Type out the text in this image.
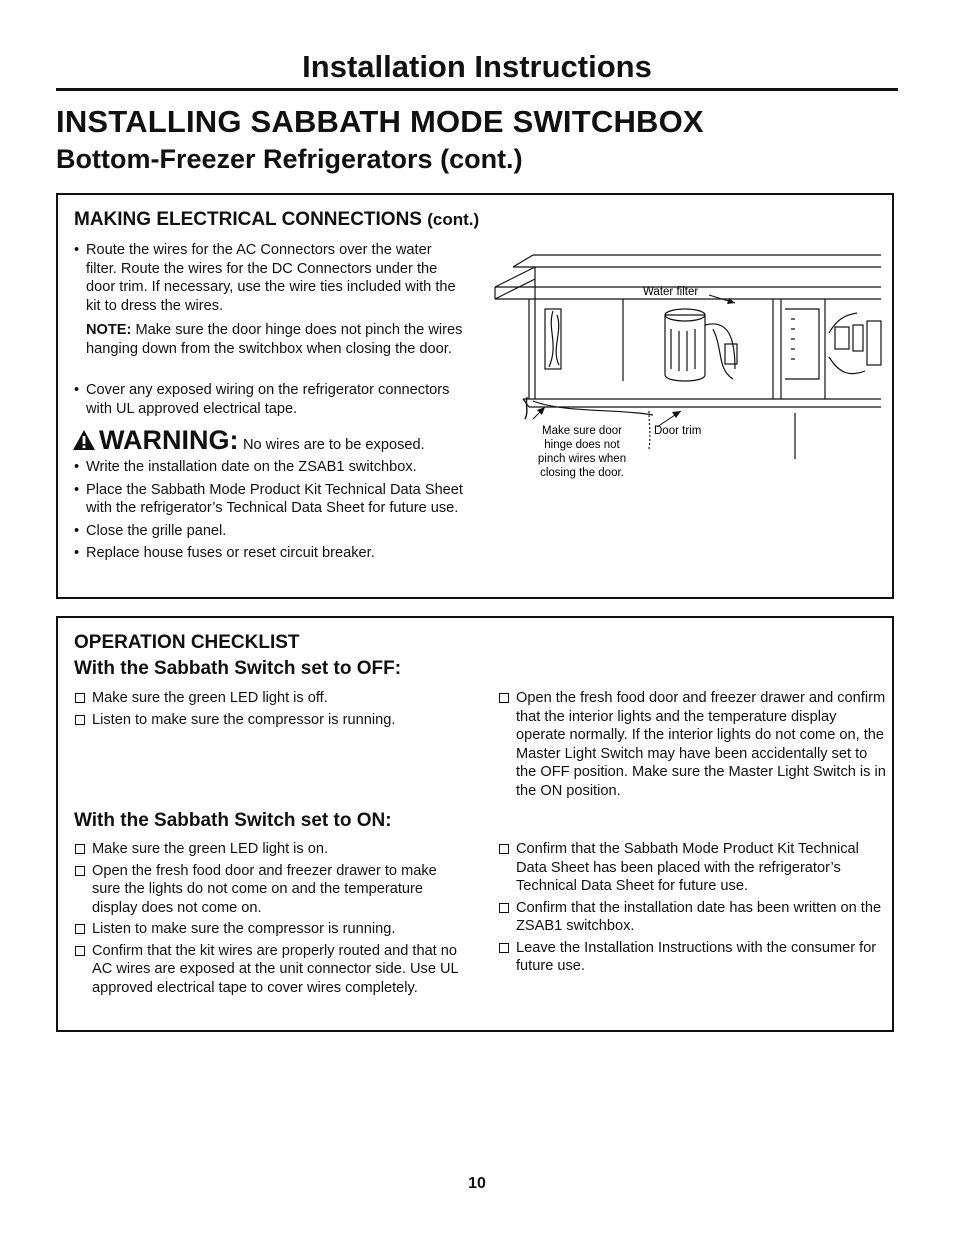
Installation Instructions
INSTALLING SABBATH MODE SWITCHBOX
Bottom-Freezer Refrigerators (cont.)
MAKING ELECTRICAL CONNECTIONS (cont.)
• Route the wires for the AC Connectors over the water filter. Route the wires for the DC Connectors under the door trim. If necessary, use the wire ties included with the kit to dress the wires.
NOTE: Make sure the door hinge does not pinch the wires hanging down from the switchbox when closing the door.
• Cover any exposed wiring on the refrigerator connectors with UL approved electrical tape.
WARNING: No wires are to be exposed.
• Write the installation date on the ZSAB1 switchbox.
• Place the Sabbath Mode Product Kit Technical Data Sheet with the refrigerator’s Technical Data Sheet for future use.
• Close the grille panel.
• Replace house fuses or reset circuit breaker.
Water filter
Make sure door
hinge does not
pinch wires when
closing the door.
Door trim
OPERATION CHECKLIST
With the Sabbath Switch set to OFF:
Make sure the green LED light is off.
Listen to make sure the compressor is running.
Open the fresh food door and freezer drawer and confirm that the interior lights and the temperature display operate normally. If the interior lights do not come on, the Master Light Switch may have been accidentally set to the OFF position. Make sure the Master Light Switch is in the ON position.
With the Sabbath Switch set to ON:
Make sure the green LED light is on.
Open the fresh food door and freezer drawer to make sure the lights do not come on and the temperature display does not come on.
Listen to make sure the compressor is running.
Confirm that the kit wires are properly routed and that no AC wires are exposed at the unit connector side. Use UL approved electrical tape to cover wires completely.
Confirm that the Sabbath Mode Product Kit Technical Data Sheet has been placed with the refrigerator’s Technical Data Sheet for future use.
Confirm that the installation date has been written on the ZSAB1 switchbox.
Leave the Installation Instructions with the consumer for future use.
10
